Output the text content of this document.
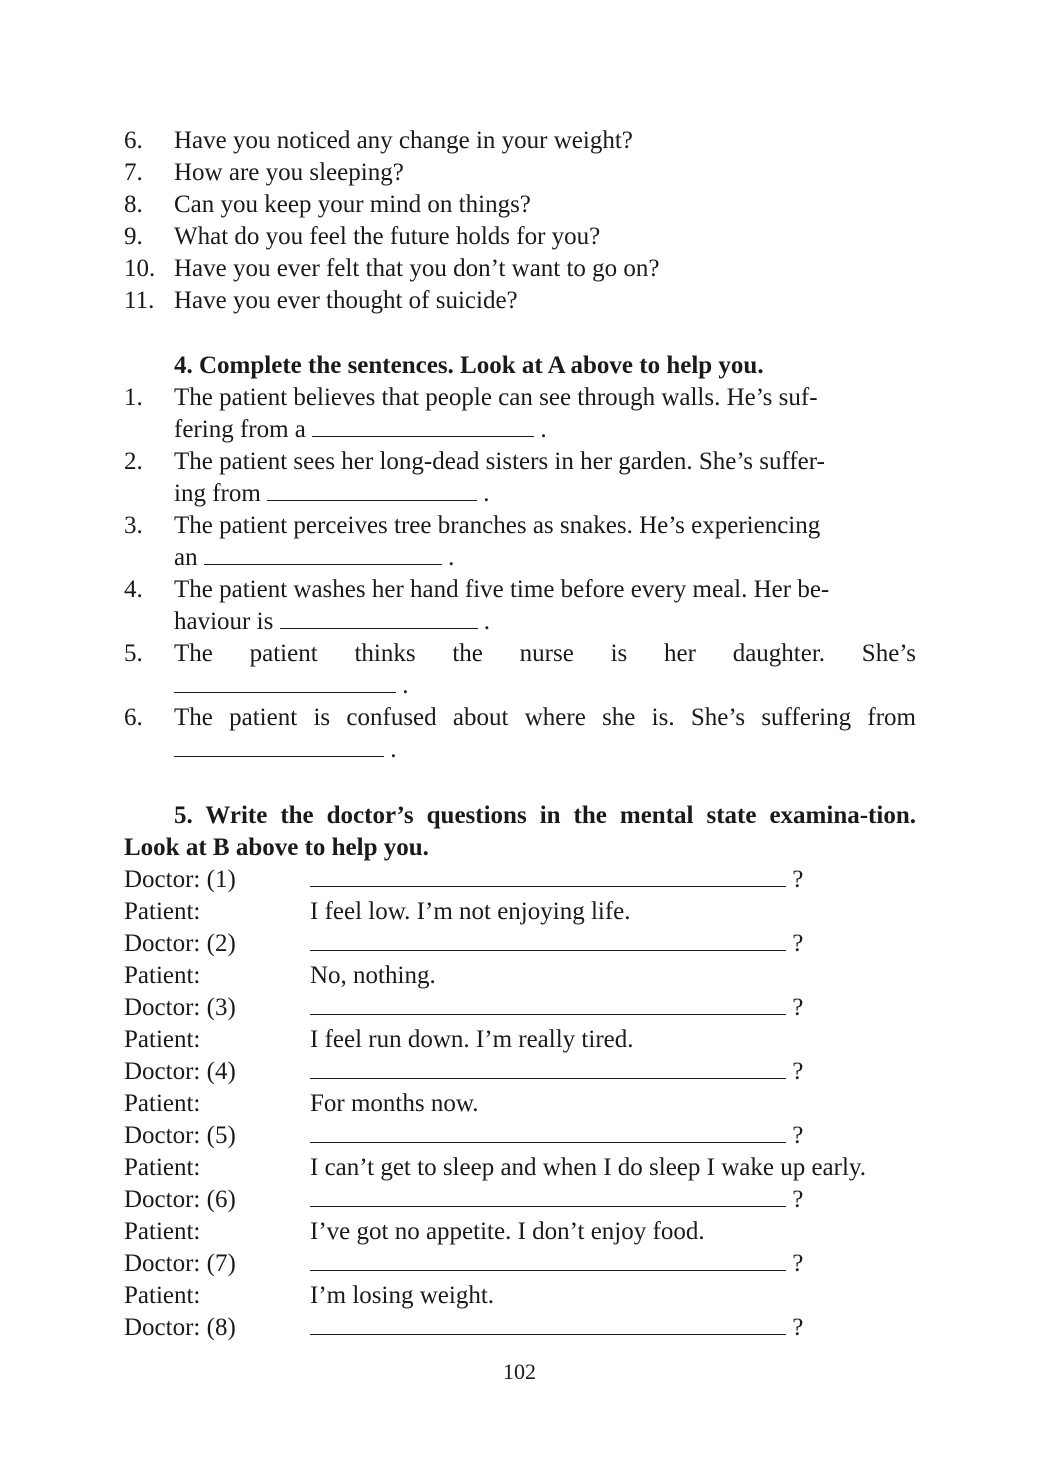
6.	Have you noticed any change in your weight?
7.	How are you sleeping?
8.	Can you keep your mind on things?
9.	What do you feel the future holds for you?
10. Have you ever felt that you don’t want to go on?
11. Have you ever thought of suicide?
4. Complete the sentences. Look at A above to help you.
1.	The patient believes that people can see through walls. He’s suf-
fering from a	.
2.	The patient sees her long-dead sisters in her garden. She’s suffer-
ing from	.
3.	The patient perceives tree branches as snakes. He’s experiencing
an	.
4.	The patient washes her hand five time before every meal. Her be-
haviour is	.
5.	The patient thinks the nurse is her daughter. She’s
.
6.	The patient is confused about where she is. She’s suffering from
.
5. Write the doctor’s questions in the mental state examina-tion. Look at B above to help you.
Doctor: (1)	?
Patient:	I feel low. I’m not enjoying life.
Doctor: (2)	?
Patient:	No, nothing.
Doctor: (3)	?
Patient:	I feel run down. I’m really tired.
Doctor: (4)	?
Patient:	For months now.
Doctor: (5)	?
Patient:	I can’t get to sleep and when I do sleep I wake up early.
Doctor: (6)	?
Patient:	I’ve got no appetite. I don’t enjoy food.
Doctor: (7)	?
Patient:	I’m losing weight.
Doctor: (8)	?
102
